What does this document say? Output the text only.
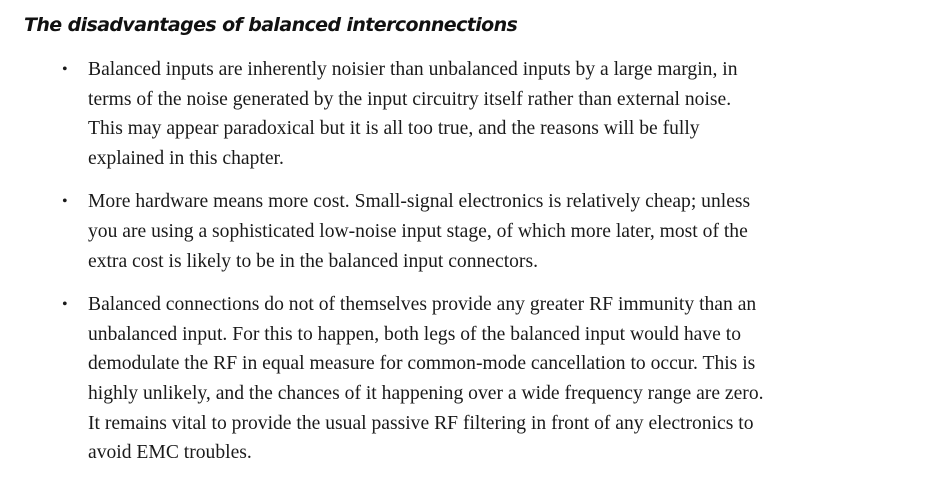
The disadvantages of balanced interconnections
• Balanced inputs are inherently noisier than unbalanced inputs by a large margin, in
terms of the noise generated by the input circuitry itself rather than external noise.
This may appear paradoxical but it is all too true, and the reasons will be fully
explained in this chapter.
• More hardware means more cost. Small-signal electronics is relatively cheap; unless
you are using a sophisticated low-noise input stage, of which more later, most of the
extra cost is likely to be in the balanced input connectors.
• Balanced connections do not of themselves provide any greater RF immunity than an
unbalanced input. For this to happen, both legs of the balanced input would have to
demodulate the RF in equal measure for common-mode cancellation to occur. This is
highly unlikely, and the chances of it happening over a wide frequency range are zero.
It remains vital to provide the usual passive RF filtering in front of any electronics to
avoid EMC troubles.
